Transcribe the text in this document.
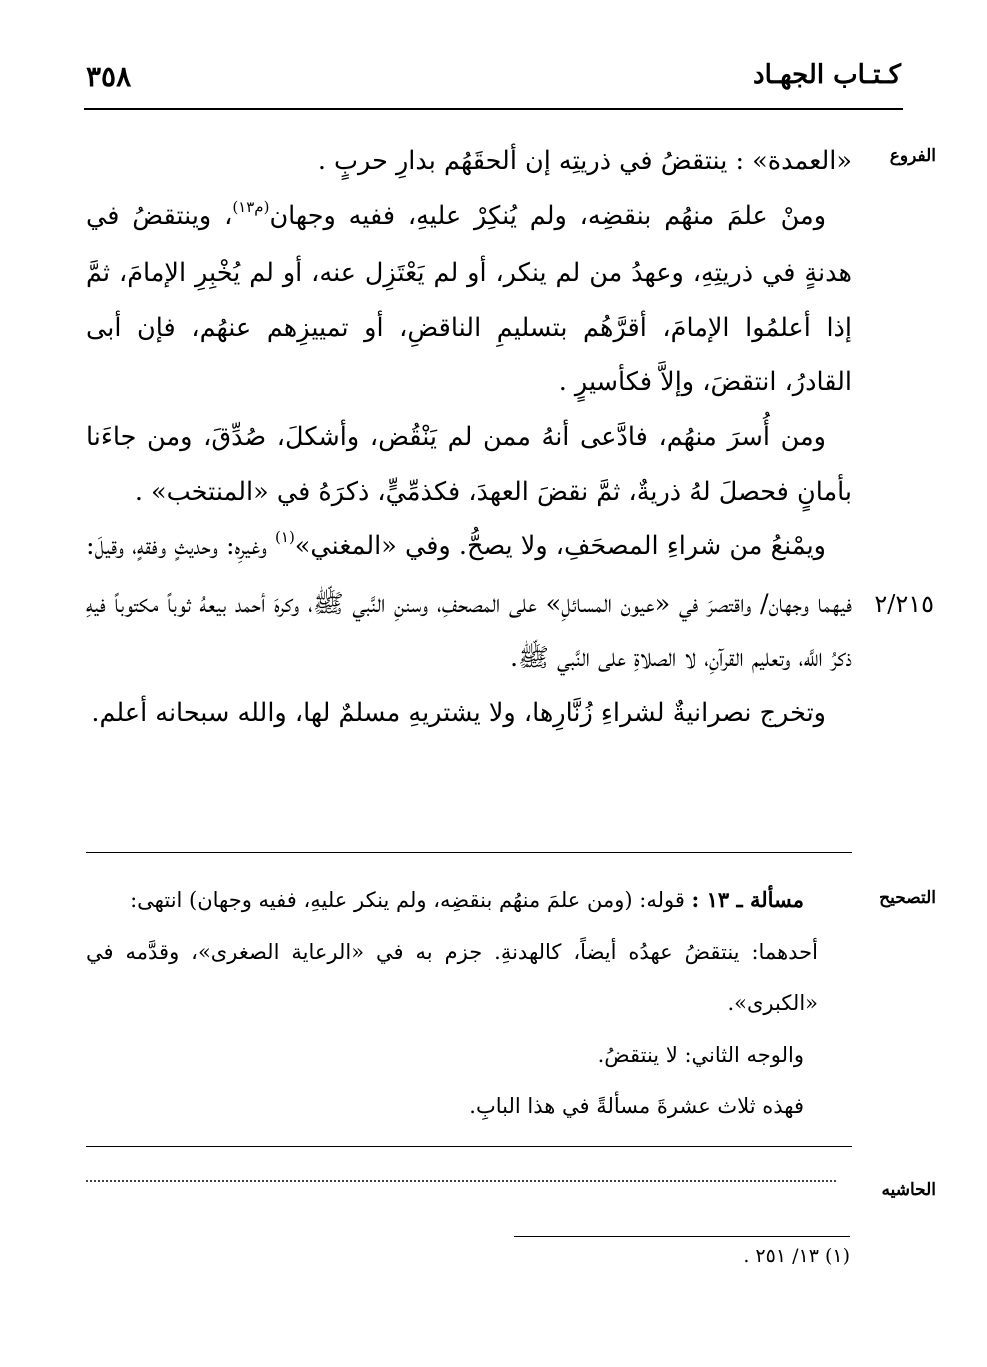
٣٥٨	كـتـاب الجهـاد
الفروع
٢/٢١٥

«العمدة» : ينتقضُ في ذريتِه إن ألحقَهُم بدارِ حربٍ .

ومنْ علمَ منهُم بنقضِه، ولم يُنكِرْ عليهِ، ففيه وجهان$^{(م١٣)}$، وينتقضُ في هدنةٍ في ذريتِهِ، وعهدُ من لم ينكر، أو لم يَعْتَزِل عنه، أو لم يُخْبِرِ الإمامَ، ثمَّ إذا أعلمُوا الإمامَ، أقرَّهُم بتسليمِ الناقضِ، أو تمييزِهم عنهُم، فإن أبى القادرُ، انتقضَ، وإلاَّ فكأسيرٍ .

ومن أُسرَ منهُم، فادَّعى أنهُ ممن لم يَنْقُض، وأشكلَ، صُدِّقَ، ومن جاءَنا بأمانٍ فحصلَ لهُ ذريةٌ، ثمَّ نقضَ العهدَ، فكذمِّيٍّ، ذكرَهُ في «المنتخب» .

ويمْنعُ من شراءِ المصحَفِ، ولا يصحُّ. وفي «المغني»$^{(١)}$ وغيرِه: وحديثٍ وفقهٍ، وقيلَ: فيهما وجهان/ واقتصرَ في «عيون المسائلِ» على المصحفِ، وسننِ النَّبي ﷺ، وكرهَ أحمد بيعهُ ثوباً مكتوباً فيهِ ذكرُ اللَّه، وتعليم القرآنِ، لا الصلاةِ على النَّبي ﷺ.

وتخرج نصرانيةٌ لشراءِ زُنَّارِها، ولا يشتريهِ مسلمٌ لها، والله سبحانه أعلم.

التصحيح

مسألة ـ ١٣ : قوله: (ومن علمَ منهُم بنقضِه، ولم ينكر عليهِ، ففيه وجهان) انتهى:

أحدهما: ينتقضُ عهدُه أيضاً، كالهدنةِ. جزم به في «الرعاية الصغرى»، وقدَّمه في «الكبرى».

والوجه الثاني: لا ينتقضُ.

فهذه ثلاث عشرةَ مسألةً في هذا البابِ.

الحاشيه
(١) ١٣/ ٢٥١ .
